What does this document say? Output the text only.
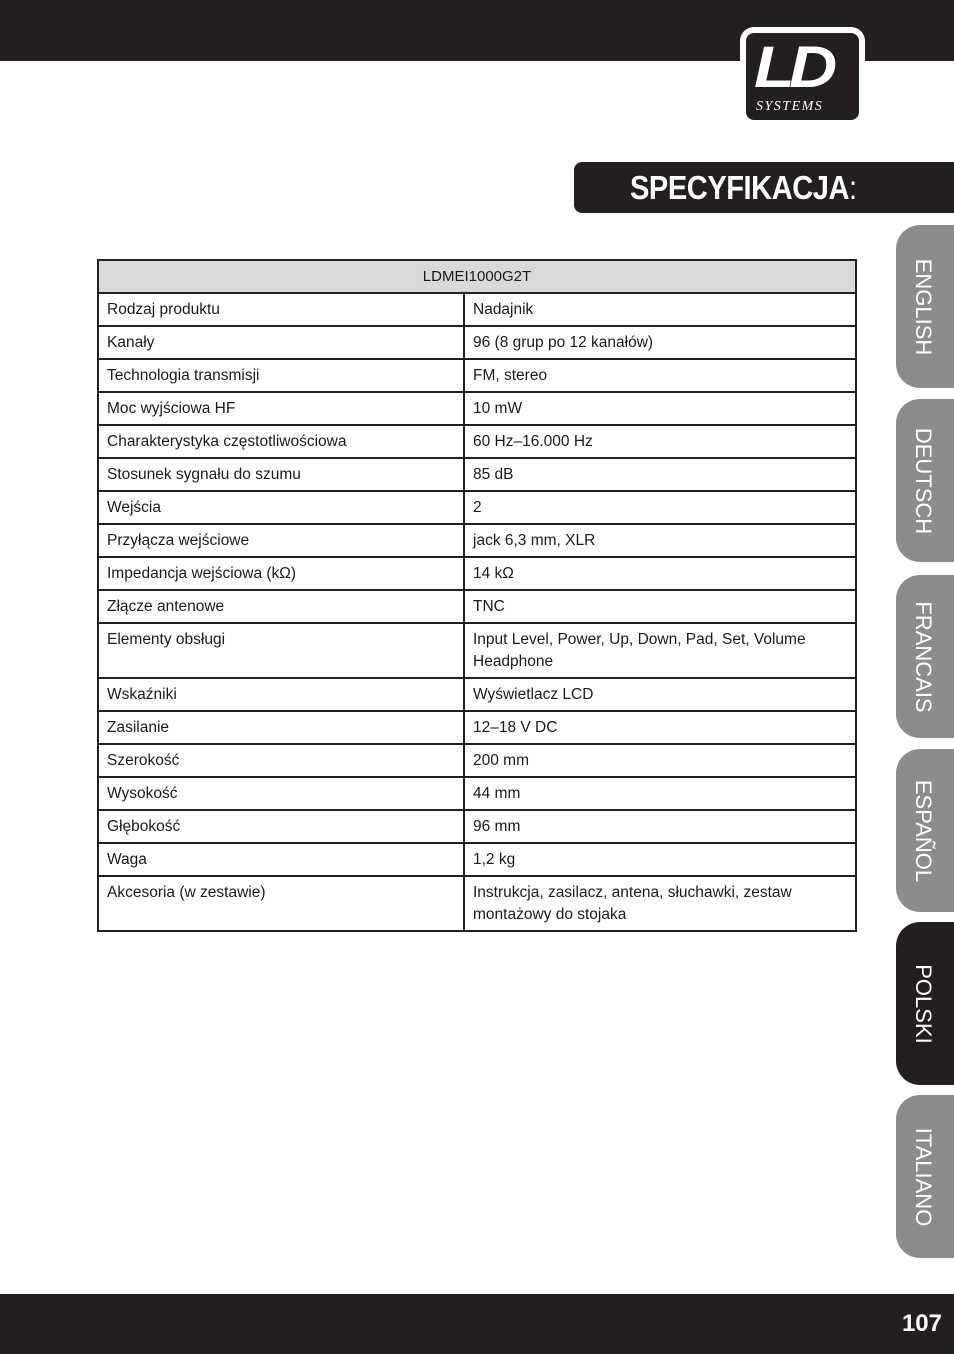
LD
SYSTEMS
SPECYFIKACJA:
LDMEI1000G2T	
Rodzaj produktu	Nadajnik
Kanały	96 (8 grup po 12 kanałów)
Technologia transmisji	FM, stereo
Moc wyjściowa HF	10 mW
Charakterystyka częstotliwościowa	60 Hz–16.000 Hz
Stosunek sygnału do szumu	85 dB
Wejścia	2
Przyłącza wejściowe	jack 6,3 mm, XLR
Impedancja wejściowa (kΩ)	14 kΩ
Złącze antenowe	TNC
Elementy obsługi	Input Level, Power, Up, Down, Pad, Set, Volume Headphone
Wskaźniki	Wyświetlacz LCD
Zasilanie	12–18 V DC
Szerokość	200 mm
Wysokość	44 mm
Głębokość	96 mm
Waga	1,2 kg
Akcesoria (w zestawie)	Instrukcja, zasilacz, antena, słuchawki, zestaw montażowy do stojaka
ENGLISH
DEUTSCH
FRANCAIS
ESPAÑOL
POLSKI
ITALIANO
107
